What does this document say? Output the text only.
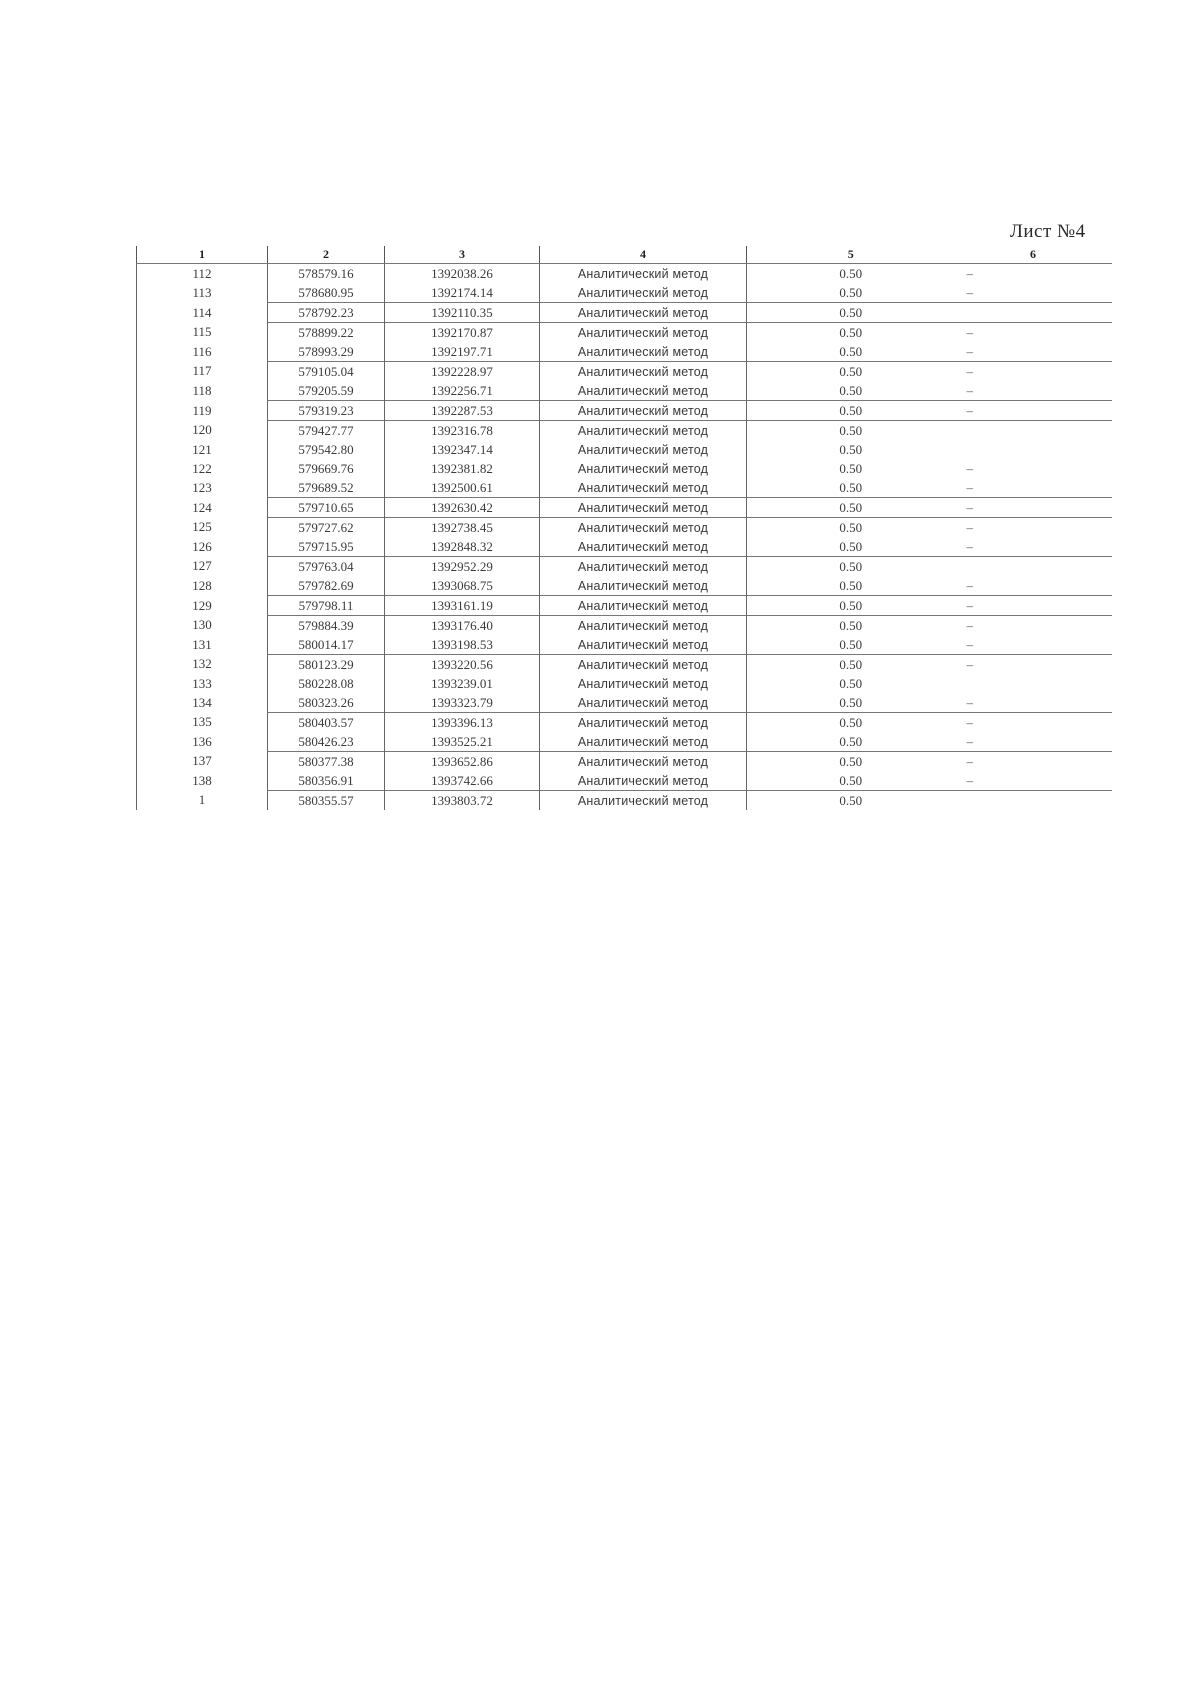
Лист №4
1	2	3	4	5	6
112	578579.16	1392038.26	Аналитический метод	0.50	–
113	578680.95	1392174.14	Аналитический метод	0.50	–
114	578792.23	1392110.35	Аналитический метод	0.50	
115	578899.22	1392170.87	Аналитический метод	0.50	–
116	578993.29	1392197.71	Аналитический метод	0.50	–
117	579105.04	1392228.97	Аналитический метод	0.50	–
118	579205.59	1392256.71	Аналитический метод	0.50	–
119	579319.23	1392287.53	Аналитический метод	0.50	–
120	579427.77	1392316.78	Аналитический метод	0.50	
121	579542.80	1392347.14	Аналитический метод	0.50	
122	579669.76	1392381.82	Аналитический метод	0.50	–
123	579689.52	1392500.61	Аналитический метод	0.50	–
124	579710.65	1392630.42	Аналитический метод	0.50	–
125	579727.62	1392738.45	Аналитический метод	0.50	–
126	579715.95	1392848.32	Аналитический метод	0.50	–
127	579763.04	1392952.29	Аналитический метод	0.50	
128	579782.69	1393068.75	Аналитический метод	0.50	–
129	579798.11	1393161.19	Аналитический метод	0.50	–
130	579884.39	1393176.40	Аналитический метод	0.50	–
131	580014.17	1393198.53	Аналитический метод	0.50	–
132	580123.29	1393220.56	Аналитический метод	0.50	–
133	580228.08	1393239.01	Аналитический метод	0.50	
134	580323.26	1393323.79	Аналитический метод	0.50	–
135	580403.57	1393396.13	Аналитический метод	0.50	–
136	580426.23	1393525.21	Аналитический метод	0.50	–
137	580377.38	1393652.86	Аналитический метод	0.50	–
138	580356.91	1393742.66	Аналитический метод	0.50	–
1	580355.57	1393803.72	Аналитический метод	0.50	
